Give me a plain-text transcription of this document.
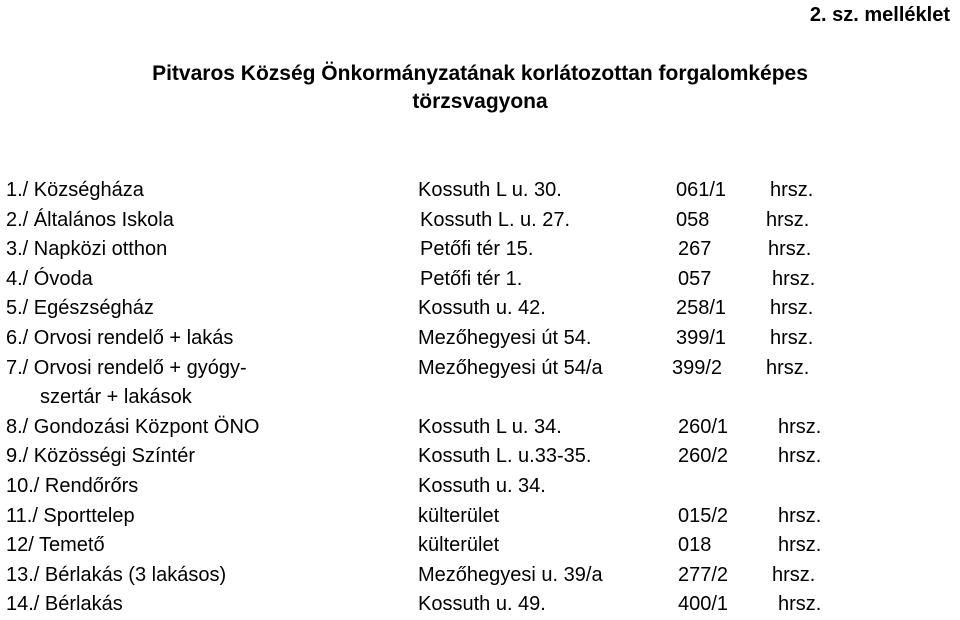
2. sz. melléklet
Pitvaros Község Önkormányzatának korlátozottan forgalomképes
törzsvagyona
1./ Községháza	Kossuth L u. 30.	061/1 hrsz.
2./ Általános Iskola	Kossuth L. u. 27.	058	hrsz.
3./ Napközi otthon	Petőfi tér 15.	267	hrsz.
4./ Óvoda	Petőfi tér 1.	057	hrsz.
5./ Egészségház	Kossuth u. 42.	258/1 hrsz.
6./ Orvosi rendelő + lakás	Mezőhegyesi út 54.	399/1 hrsz.
7./ Orvosi rendelő + gyógy-	Mezőhegyesi út 54/a	399/2 hrsz.
szertár + lakások
8./ Gondozási Központ ÖNO	Kossuth L u. 34.	260/1 hrsz.
9./ Közösségi Színtér	Kossuth L. u.33-35.	260/2 hrsz.
10./ Rendőrőrs	Kossuth u. 34.
11./ Sporttelep	külterület	015/2 hrsz.
12/ Temető	külterület	018	hrsz.
13./ Bérlakás (3 lakásos)	Mezőhegyesi u. 39/a	277/2 hrsz.
14./ Bérlakás	Kossuth u. 49.	400/1 hrsz.
